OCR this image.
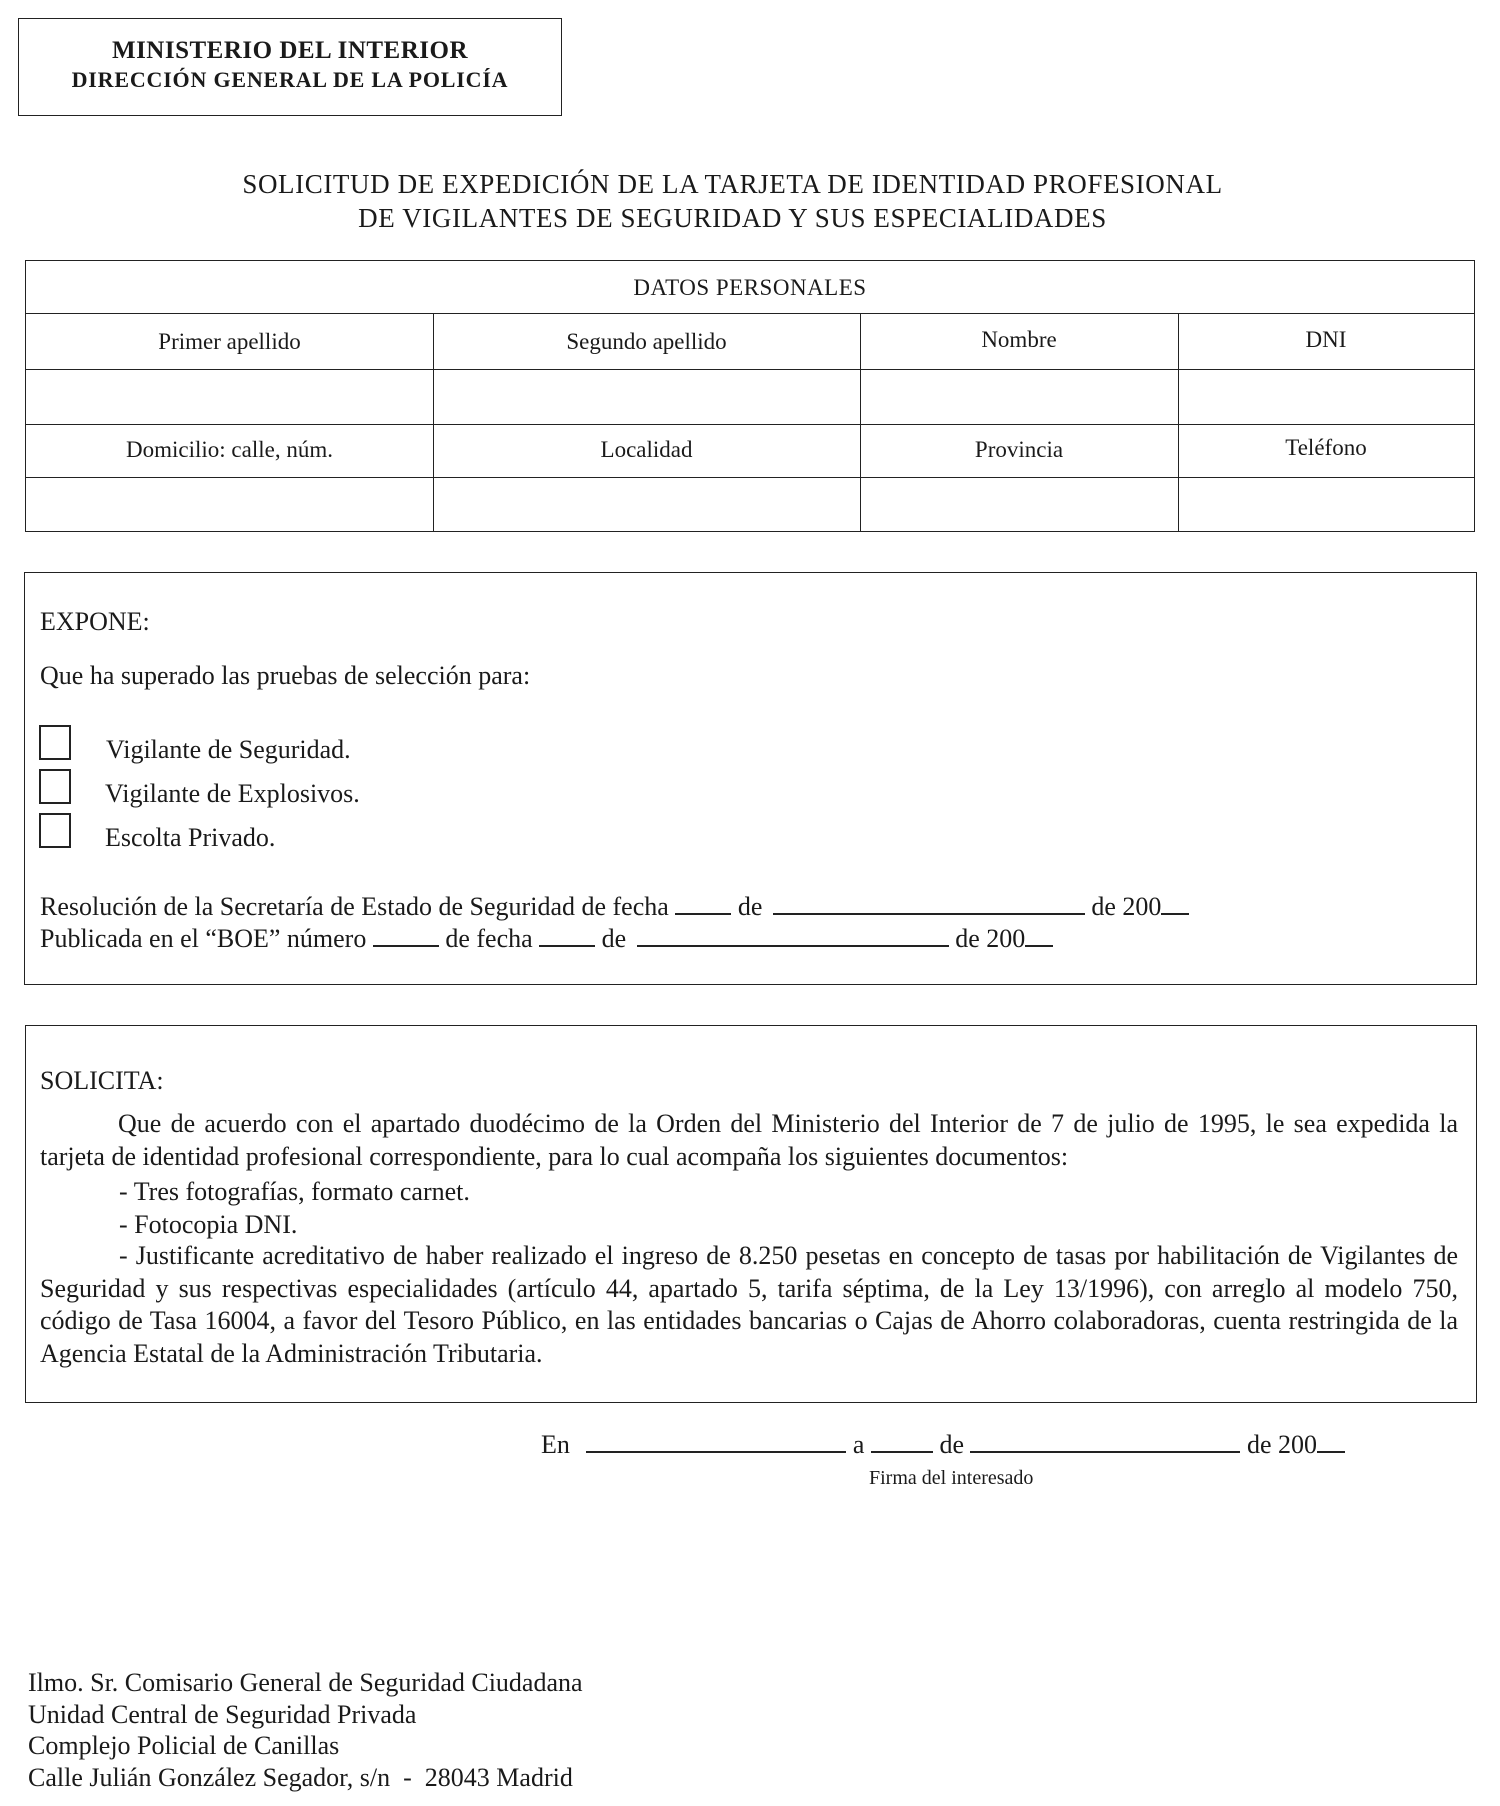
MINISTERIO DEL INTERIOR
DIRECCIÓN GENERAL DE LA POLICÍA
SOLICITUD DE EXPEDICIÓN DE LA TARJETA DE IDENTIDAD PROFESIONAL
DE VIGILANTES DE SEGURIDAD Y SUS ESPECIALIDADES
DATOS PERSONALES
Primer apellido	Segundo apellido	Nombre	DNI
Domicilio: calle, núm.	Localidad	Provincia	Teléfono
EXPONE:
Que ha superado las pruebas de selección para:
Vigilante de Seguridad.
Vigilante de Explosivos.
Escolta Privado.
Resolución de la Secretaría de Estado de Seguridad de fecha	de	de 200
Publicada en el “BOE” número	de fecha	de	de 200
SOLICITA:
Que de acuerdo con el apartado duodécimo de la Orden del Ministerio del Interior de 7 de julio de 1995, le sea expedida la tarjeta de identidad profesional correspondiente, para lo cual acompaña los siguientes documentos:
- Tres fotografías, formato carnet.
- Fotocopia DNI.
- Justificante acreditativo de haber realizado el ingreso de 8.250 pesetas en concepto de tasas por habilitación de Vigilantes de Seguridad y sus respectivas especialidades (artículo 44, apartado 5, tarifa séptima, de la Ley 13/1996), con arreglo al modelo 750, código de Tasa 16004, a favor del Tesoro Público, en las entidades bancarias o Cajas de Ahorro colaboradoras, cuenta restringida de la Agencia Estatal de la Administración Tributaria.
En	a	de	de 200
Firma del interesado
Ilmo. Sr. Comisario General de Seguridad Ciudadana
Unidad Central de Seguridad Privada
Complejo Policial de Canillas
Calle Julián González Segador, s/n  -  28043 Madrid
